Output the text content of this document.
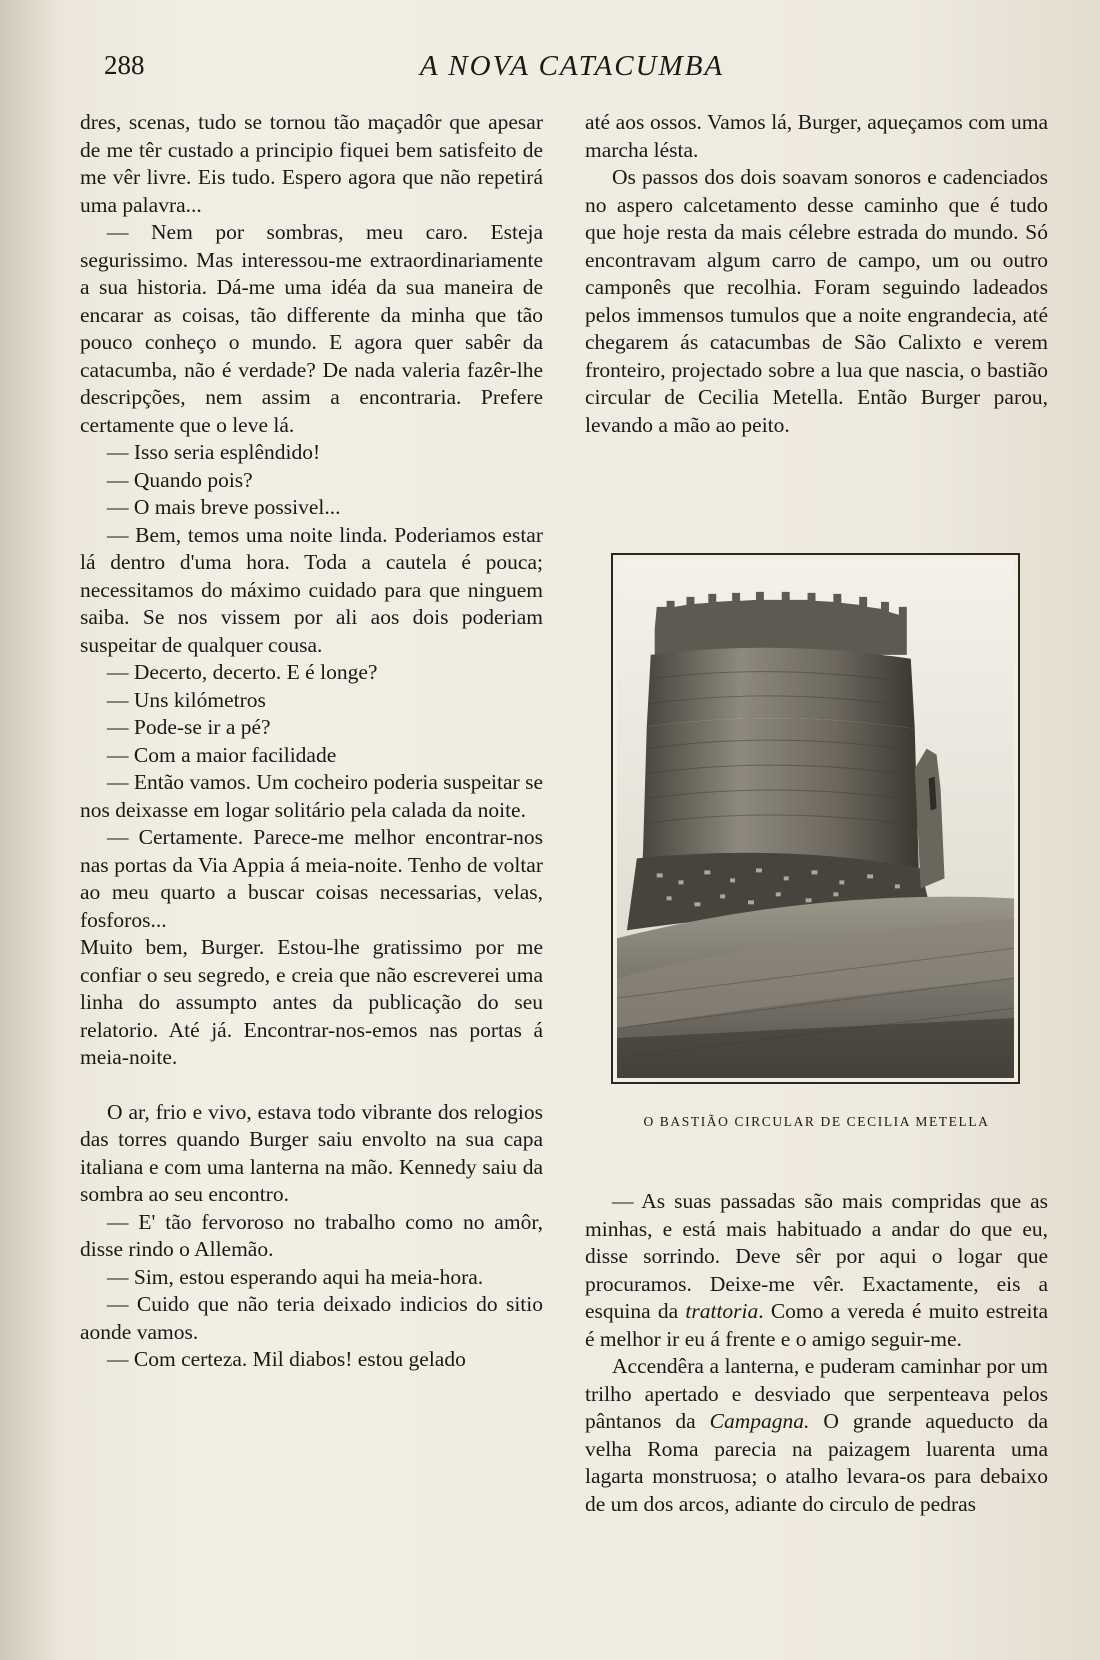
288	A NOVA CATACUMBA

dres, scenas, tudo se tornou tão maçadôr que apesar de me têr custado a principio fiquei bem satisfeito de me vêr livre. Eis tudo. Espero agora que não repetirá uma palavra...

— Nem por sombras, meu caro. Esteja segurissimo. Mas interessou-me extraordinariamente a sua historia. Dá-me uma idéa da sua maneira de encarar as coisas, tão differente da minha que tão pouco conheço o mundo. E agora quer sabêr da catacumba, não é verdade? De nada valeria fazêr-lhe descripções, nem assim a encontraria. Prefere certamente que o leve lá.

— Isso seria esplêndido!

— Quando pois?

— O mais breve possivel...

— Bem, temos uma noite linda. Poderiamos estar lá dentro d'uma hora. Toda a cautela é pouca; necessitamos do máximo cuidado para que ninguem saiba. Se nos vissem por ali aos dois poderiam suspeitar de qualquer cousa.

— Decerto, decerto. E é longe?

— Uns kilómetros

— Pode-se ir a pé?

— Com a maior facilidade

— Então vamos. Um cocheiro poderia suspeitar se nos deixasse em logar solitário pela calada da noite.

— Certamente. Parece-me melhor encontrar-nos nas portas da Via Appia á meia-noite. Tenho de voltar ao meu quarto a buscar coisas necessarias, velas, fosforos...

Muito bem, Burger. Estou-lhe gratissimo por me confiar o seu segredo, e creia que não escreverei uma linha do assumpto antes da publicação do seu relatorio. Até já. Encontrar-nos-emos nas portas á meia-noite.

O ar, frio e vivo, estava todo vibrante dos relogios das torres quando Burger saiu envolto na sua capa italiana e com uma lanterna na mão. Kennedy saiu da sombra ao seu encontro.

— E' tão fervoroso no trabalho como no amôr, disse rindo o Allemão.

— Sim, estou esperando aqui ha meia-hora.

— Cuido que não teria deixado indicios do sitio aonde vamos.

— Com certeza. Mil diabos! estou gelado

até aos ossos. Vamos lá, Burger, aqueçamos com uma marcha lésta.

Os passos dos dois soavam sonoros e cadenciados no aspero calcetamento desse caminho que é tudo que hoje resta da mais célebre estrada do mundo. Só encontravam algum carro de campo, um ou outro camponês que recolhia. Foram seguindo ladeados pelos immensos tumulos que a noite engrandecia, até chegarem ás catacumbas de São Calixto e verem fronteiro, projectado sobre a lua que nascia, o bastião circular de Cecilia Metella. Então Burger parou, levando a mão ao peito.

O BASTIÃO CIRCULAR DE CECILIA METELLA

— As suas passadas são mais compridas que as minhas, e está mais habituado a andar do que eu, disse sorrindo. Deve sêr por aqui o logar que procuramos. Deixe-me vêr. Exactamente, eis a esquina da trattoria. Como a vereda é muito estreita é melhor ir eu á frente e o amigo seguir-me.

Accendêra a lanterna, e puderam caminhar por um trilho apertado e desviado que serpenteava pelos pântanos da Campagna. O grande aqueducto da velha Roma parecia na paizagem luarenta uma lagarta monstruosa; o atalho levara-os para debaixo de um dos arcos, adiante do circulo de pedras
